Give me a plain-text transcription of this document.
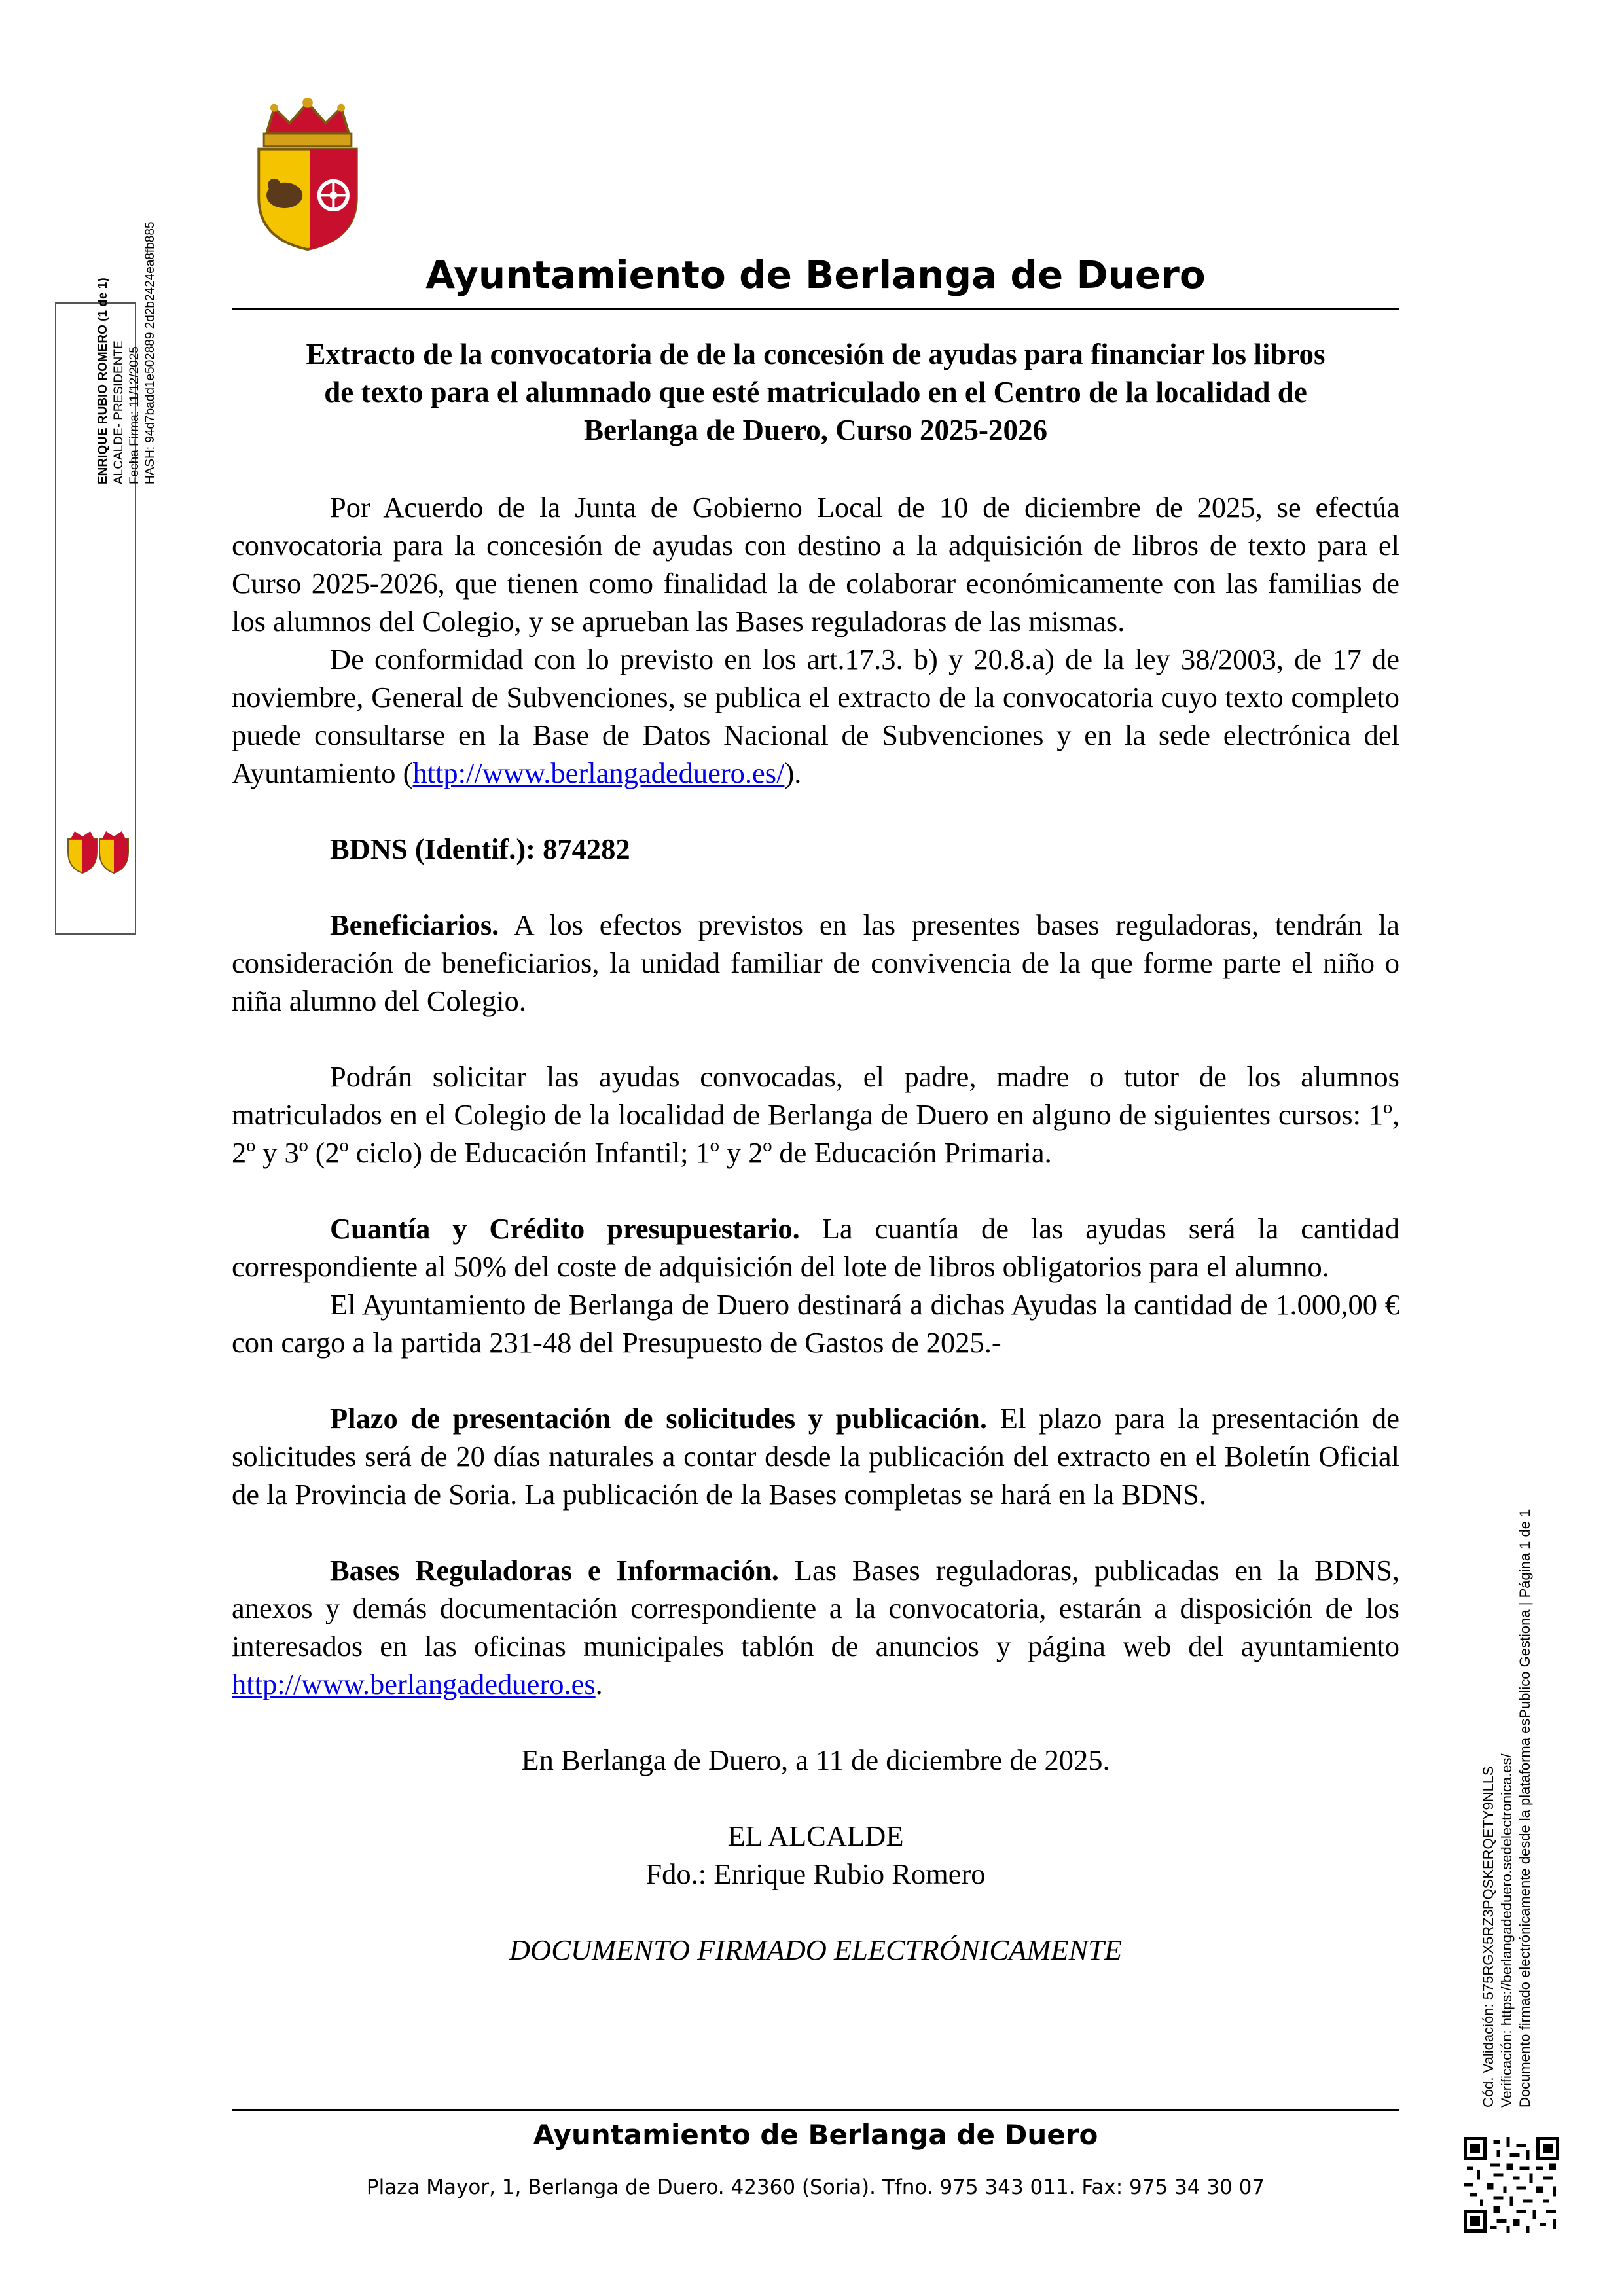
Ayuntamiento de Berlanga de Duero
Extracto de la convocatoria de de la concesión de ayudas para financiar los libros
de texto para el alumnado que esté matriculado en el Centro de la localidad de
Berlanga de Duero, Curso 2025-2026

Por Acuerdo de la Junta de Gobierno Local de 10 de diciembre de 2025, se efectúa convocatoria para la concesión de ayudas con destino a la adquisición de libros de texto para el Curso 2025-2026, que tienen como finalidad la de colaborar económicamente con las familias de los alumnos del Colegio, y se aprueban las Bases reguladoras de las mismas.

De conformidad con lo previsto en los art.17.3. b) y 20.8.a) de la ley 38/2003, de 17 de noviembre, General de Subvenciones, se publica el extracto de la convocatoria cuyo texto completo puede consultarse en la Base de Datos Nacional de Subvenciones y en la sede electrónica del Ayuntamiento (http://www.berlangadeduero.es/).

BDNS (Identif.): 874282

Beneficiarios. A los efectos previstos en las presentes bases reguladoras, tendrán la consideración de beneficiarios, la unidad familiar de convivencia de la que forme parte el niño o niña alumno del Colegio.

Podrán solicitar las ayudas convocadas, el padre, madre o tutor de los alumnos matriculados en el Colegio de la localidad de Berlanga de Duero en alguno de siguientes cursos: 1º, 2º y 3º (2º ciclo) de Educación Infantil; 1º y 2º de Educación Primaria.

Cuantía y Crédito presupuestario. La cuantía de las ayudas será la cantidad correspondiente al 50% del coste de adquisición del lote de libros obligatorios para el alumno.

El Ayuntamiento de Berlanga de Duero destinará a dichas Ayudas la cantidad de 1.000,00 € con cargo a la partida 231-48 del Presupuesto de Gastos de 2025.-

Plazo de presentación de solicitudes y publicación. El plazo para la presentación de solicitudes será de 20 días naturales a contar desde la publicación del extracto en el Boletín Oficial de la Provincia de Soria. La publicación de la Bases completas se hará en la BDNS.

Bases Reguladoras e Información. Las Bases reguladoras, publicadas en la BDNS, anexos y demás documentación correspondiente a la convocatoria, estarán a disposición de los interesados en las oficinas municipales tablón de anuncios y página web del ayuntamiento http://www.berlangadeduero.es.

En Berlanga de Duero, a 11 de diciembre de 2025.

EL ALCALDE

Fdo.: Enrique Rubio Romero

DOCUMENTO FIRMADO ELECTRÓNICAMENTE

Ayuntamiento de Berlanga de Duero
Plaza Mayor, 1, Berlanga de Duero. 42360 (Soria). Tfno. 975 343 011. Fax: 975 34 30 07
ENRIQUE RUBIO ROMERO (1 de 1) ALCALDE- PRESIDENTE Fecha Firma: 11/12/2025 HASH: 94d7badd1e502889 2d2b2424ea8fb885
Cód. Validación: 575RGX5RZ3PQSKERQETY9NLLS Verificación: https://berlangadeduero.sedelectronica.es/ Documento firmado electrónicamente desde la plataforma esPublico Gestiona | Página 1 de 1
